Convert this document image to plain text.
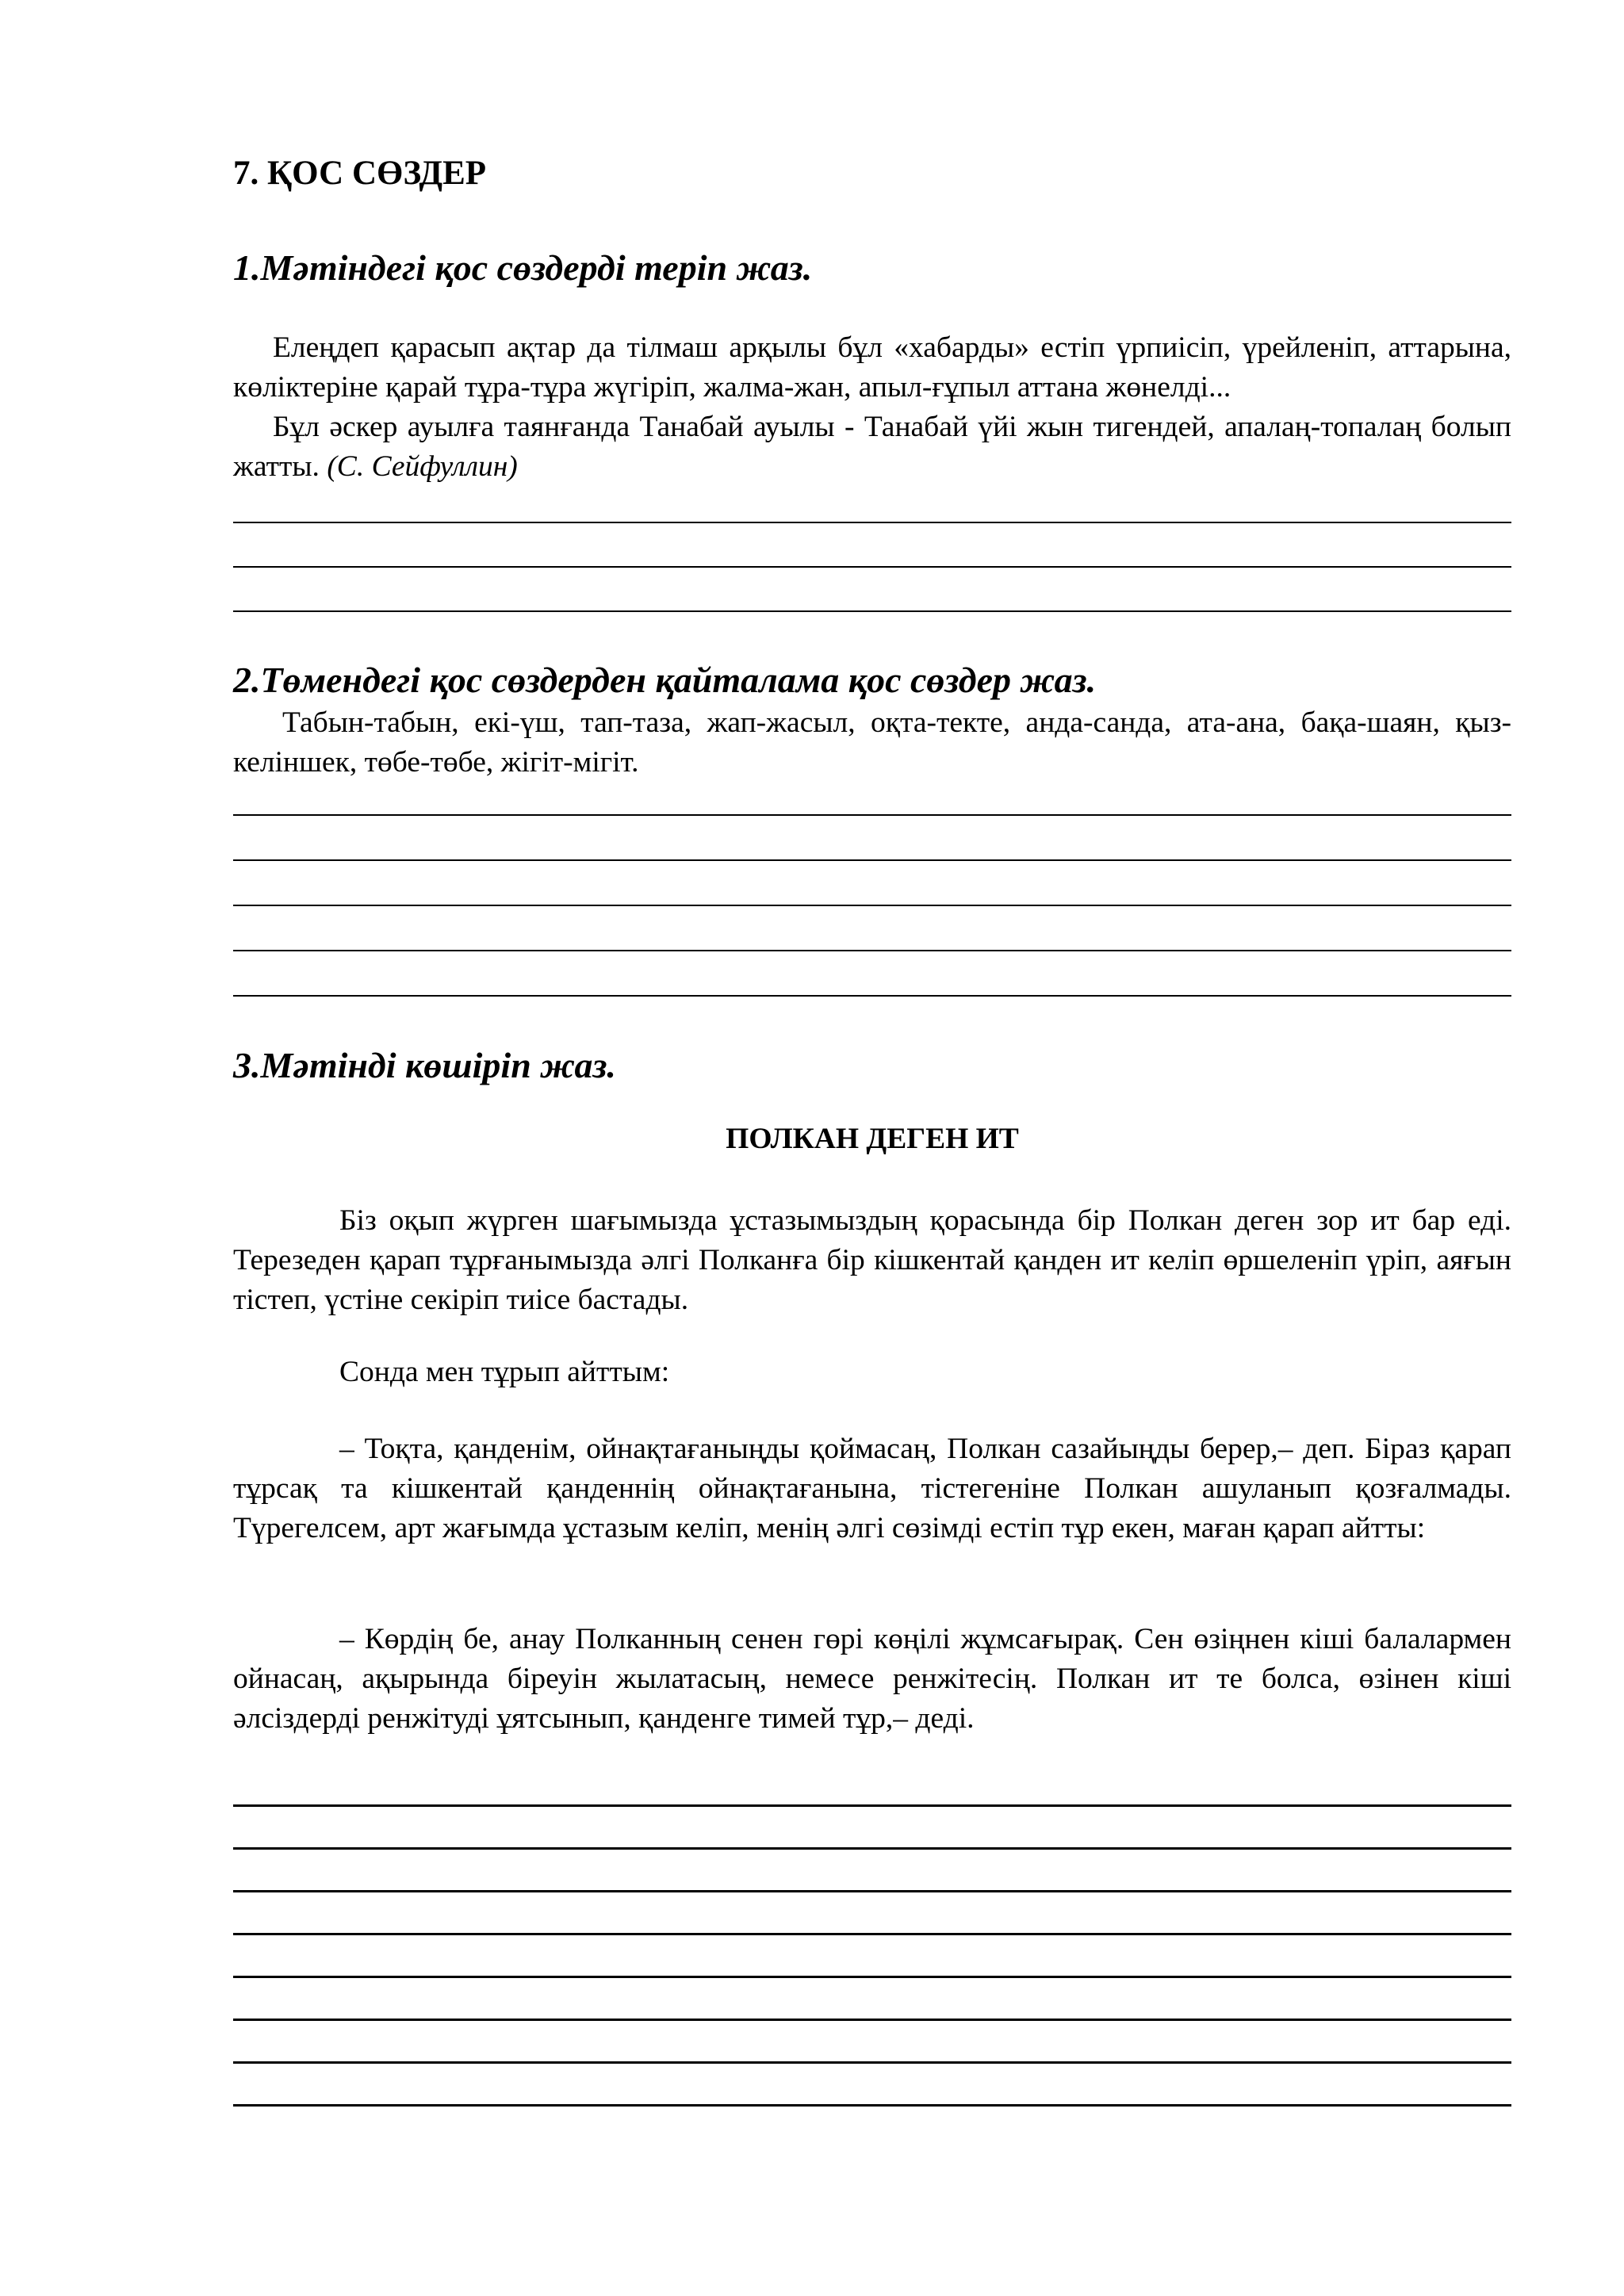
7. ҚОС СӨЗДЕР
1.Мәтіндегі қос сөздерді теріп жаз.

Елеңдеп қарасып ақтар да тілмаш арқылы бұл «хабарды» естіп үрпиісіп, үрейленіп, аттарына, көліктеріне қарай тұра-тұра жүгіріп, жалма-жан, апыл-ғұпыл аттана жөнелді...

Бұл әскер ауылға таянғанда Танабай ауылы - Танабай үйі жын тигендей, апалаң-топалаң болып жатты. (С. Сейфуллин)

2.Төмендегі қос сөздерден қайталама қос сөздер жаз.

Табын-табын, екі-үш, тап-таза, жап-жасыл, оқта-текте, анда-санда, ата-ана, бақа-шаян, қыз-келіншек, төбе-төбе, жігіт-мігіт.

3.Мәтінді көшіріп жаз.
ПОЛКАН ДЕГЕН ИТ

Біз оқып жүрген шағымызда ұстазымыздың қорасында бір Полкан деген зор ит бар еді. Терезеден қарап тұрғанымызда әлгі Полканға бір кішкентай қанден ит келіп өршеленіп үріп, аяғын тістеп, үстіне секіріп тиісе бастады.

Сонда мен тұрып айттым:

– Тоқта, қанденім, ойнақтағаныңды қоймасаң, Полкан сазайыңды берер,– деп. Біраз қарап тұрсақ та кішкентай қанденнің ойнақтағанына, тістегеніне Полкан ашуланып қозғалмады. Түрегелсем, арт жағымда ұстазым келіп, менің әлгі сөзімді естіп тұр екен, маған қарап айтты:

– Көрдің бе, анау Полканның сенен гөрі көңілі жұмсағырақ. Сен өзіңнен кіші балалармен ойнасаң, ақырында біреуін жылатасың, немесе ренжітесің. Полкан ит те болса, өзінен кіші әлсіздерді ренжітуді ұятсынып, қанденге тимей тұр,– деді.
